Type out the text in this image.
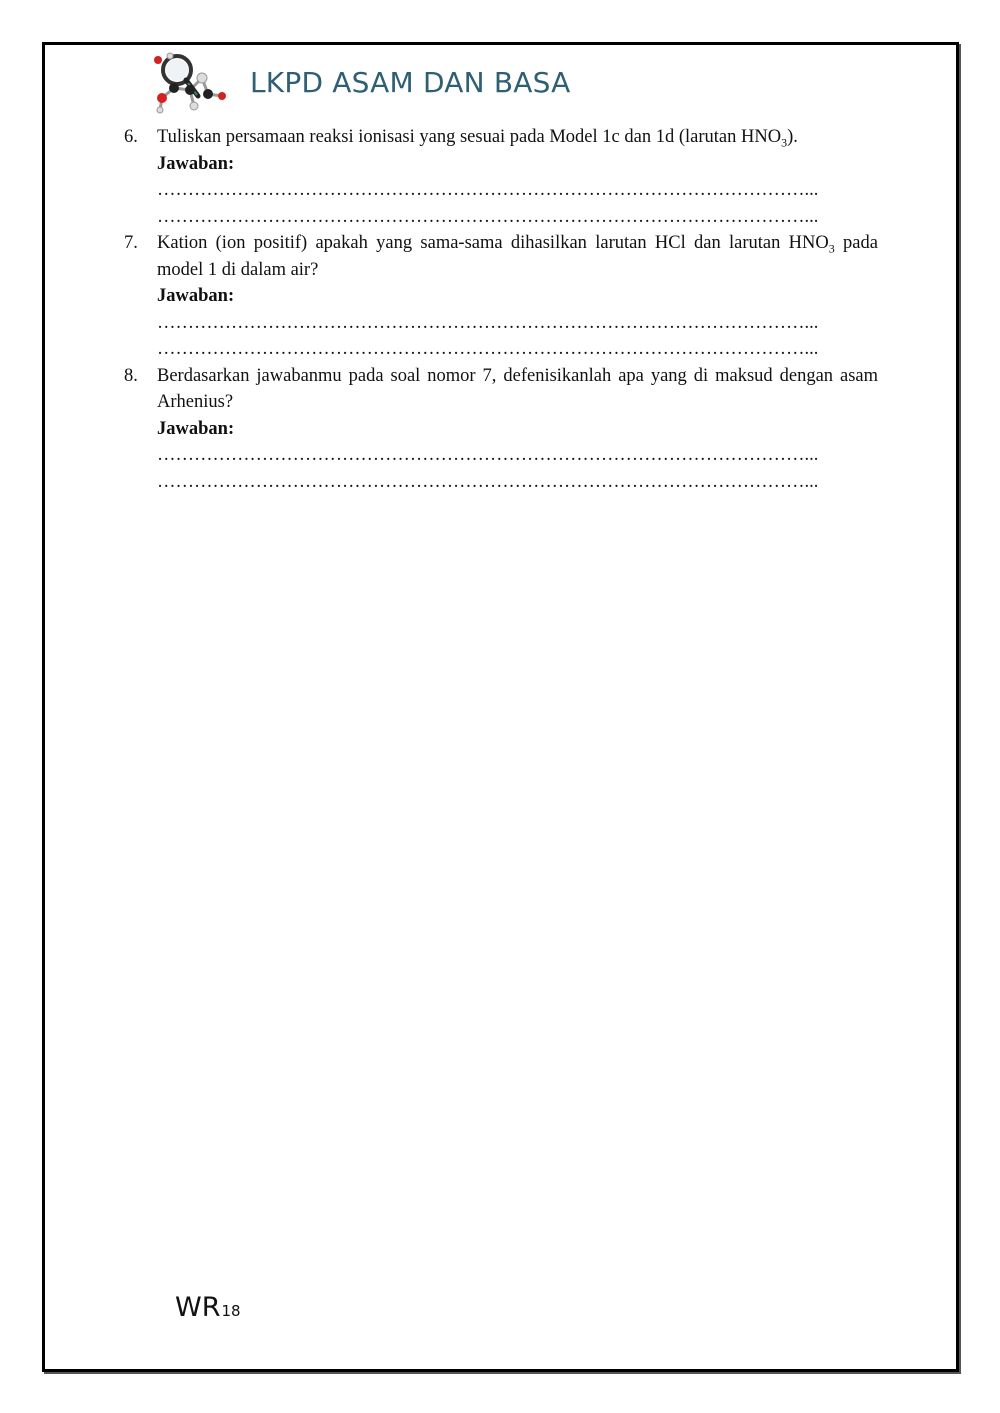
LKPD ASAM DAN BASA
6.	Tuliskan persamaan reaksi ionisasi yang sesuai pada Model 1c dan 1d (larutan $HNO_3$).
Jawaban:
……………………………………………………………………………………………...
……………………………………………………………………………………………...
7.	Kation (ion positif) apakah yang sama-sama dihasilkan larutan HCl dan larutan $HNO_3$ pada model 1 di dalam air?
Jawaban:
……………………………………………………………………………………………...
……………………………………………………………………………………………...
8.	Berdasarkan jawabanmu pada soal nomor 7, defenisikanlah apa yang di maksud dengan asam Arhenius?
Jawaban:
……………………………………………………………………………………………...
……………………………………………………………………………………………...
WR18
